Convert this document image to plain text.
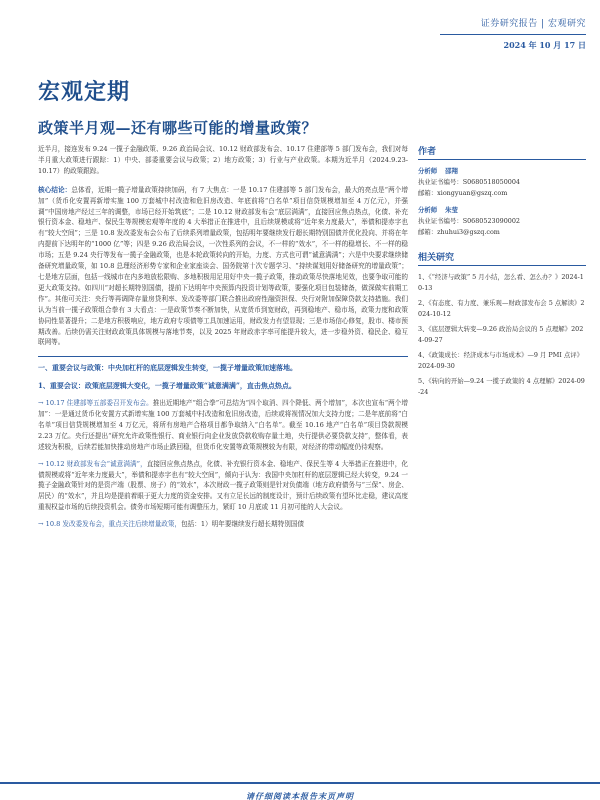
证券研究报告 | 宏观研究
2024 年 10 月 17 日
宏观定期
政策半月观—还有哪些可能的增量政策？

近半月，接连发布 9.24 一揽子金融政策、9.26 政治局会议、10.12 财政部发布会、10.17 住建部等 5 部门发布会，我们对每半月重大政策进行跟踪：1）中央、部委重要会议与政策；2）地方政策；3）行业与产业政策。本期为近半月（2024.9.23-10.17）的政策跟踪。

核心结论：总体看，近期一揽子增量政策持续加码，有 7 大焦点：一是 10.17 住建部等 5 部门发布会，最大的亮点是“两个增加”（货币化安置再新增实施 100 万套城中村改造和危旧房改造、年底前将“白名单”项目信贷规模增加至 4 万亿元），并强调“中国房地产经过三年的调整，市场已经开始筑底”；二是 10.12 财政部发布会“底层满满”，直接回应焦点热点，化债、补充银行资本金、稳地产、保民生等规模宏观等年度的 4 大举措正在推进中，且后续规模或将“近年来力度最大”，举债和提赤字也有“较大空间”；三是 10.8 发改委发布会公布了后续系列增量政策，包括明年要继续发行超长期特别国债并优化投向、并将在年内提前下达明年的“1000 亿”等；四是 9.26 政治局会议，一次性系列的会议，不一样的“效水”，不一样的稳增长、不一样的稳市场；五是 9.24 央行等发布一揽子金融政策，也是本轮政策转向的开始，力度、方式也可谓“诚意满满”；六是中央要求继续储备研究增量政策，如 10.8 总理经济形势专家和企业家座谈会、国务院第十次专题学习、“持续谋划用好储备研究的增量政策”；七是地方层面，包括一线城市在内多地放松限购、多地积极用足用好中央一揽子政策，推动政策尽快落地见效，也要争取可能的更大政策支持。如四川“对超长期特别国债，提前下达明年中央预算内投资计划等政策，要强化项目包装储备，做深做实前期工作”。其他可关注：央行等再调降存量房贷利率、发改委等部门联合推出政府性融资担保、央行对附加保障贷款支持措施。我们认为当前一揽子政策组合拳有 3 大看点：一是政策节奏不断加快，从宽货币到宽财政，再到稳地产、稳市场，政策力度和政策协同性显著提升；二是地方积极响应，地方政府专项债等工具加速运用，财政发力有望显现；三是市场信心修复，股市、楼市预期改善。后续仍需关注财政政策具体规模与落地节奏，以及 2025 年财政赤字率可能提升较大，进一步稳外资、稳民企、稳互联网等。

一、重要会议与政策：中央加杠杆的底层逻辑发生转变，一揽子增量政策加速落地。
1、重要会议：政策底层逻辑大变化，一揽子增量政策“诚意满满”，直击焦点热点。

→ 10.17 住建部等五部委召开发布会。推出近期地产“组合拳”可总结为“四个取消、四个降低、两个增加”，本次也宣布“两个增加”：一是通过货币化安置方式新增实施 100 万套城中村改造和危旧房改造，后续或将视情况加大支持力度；二是年底前将“白名单”项目信贷规模增加至 4 万亿元，将所有房地产合格项目都争取纳入“白名单”。截至 10.16 地产“白名单”项目贷款规模 2.23 万亿。央行还提出“研究允许政策性银行、商业银行向企业发放贷款收购存量土地，央行提供必要贷款支持”，整体看，表述较为积极，后续若能加快推动房地产市场止跌回稳，但货币化安置等政策规模较为有限，对经济的带动幅度仍待观察。

→ 10.12 财政部发布会“诚意满满”，直接回应焦点热点，化债、补充银行资本金、稳地产、保民生等 4 大举措正在推进中，化债规模或将“近年来力度最大”，举债和提赤字也有“较大空间”，倾向于认为：我国中央加杠杆的底层逻辑已经大转变，9.24 一揽子金融政策针对的是资产端（股票、房子）的“效水”，本次财政一揽子政策则是针对负债端（地方政府债务与“三保”、房企、居民）的“效水”，并且均是提前着眼于更大力度的资金安排。又有立足长远的制度设计，预计后续政策有望环比走稳，建议高度重视权益市场的后续投资机会。债务市场短期可能有调整压力，紧盯 10 月底或 11 月初可能的人大会议。

→ 10.8 发改委发布会，重点关注后续增量政策，包括：1）明年要继续发行超长期特别国债

作者
分析师 邵翔
执业证书编号：S0680518050004
邮箱：xiongyuan@gszq.com
分析师 朱莹
执业证书编号：S0680523090002
邮箱：zhuhui3@gszq.com
相关研究
1、《“经济与政策” 5 月小结，怎么看、怎么办？》2024-10-13
2、《有态度、有力度、兼乐观—财政部发布会 5 点解读》2024-10-12
3、《底层逻辑大转变—9.26 政治局会议的 5 点理解》2024-09-27
4、《政策成长：经济成本与市场成本》—9 月 PMI 点评》2024-09-30
5、《转向的开始—9.24 一揽子政策的 4 点理解》2024-09-24
请仔细阅读本报告末页声明
